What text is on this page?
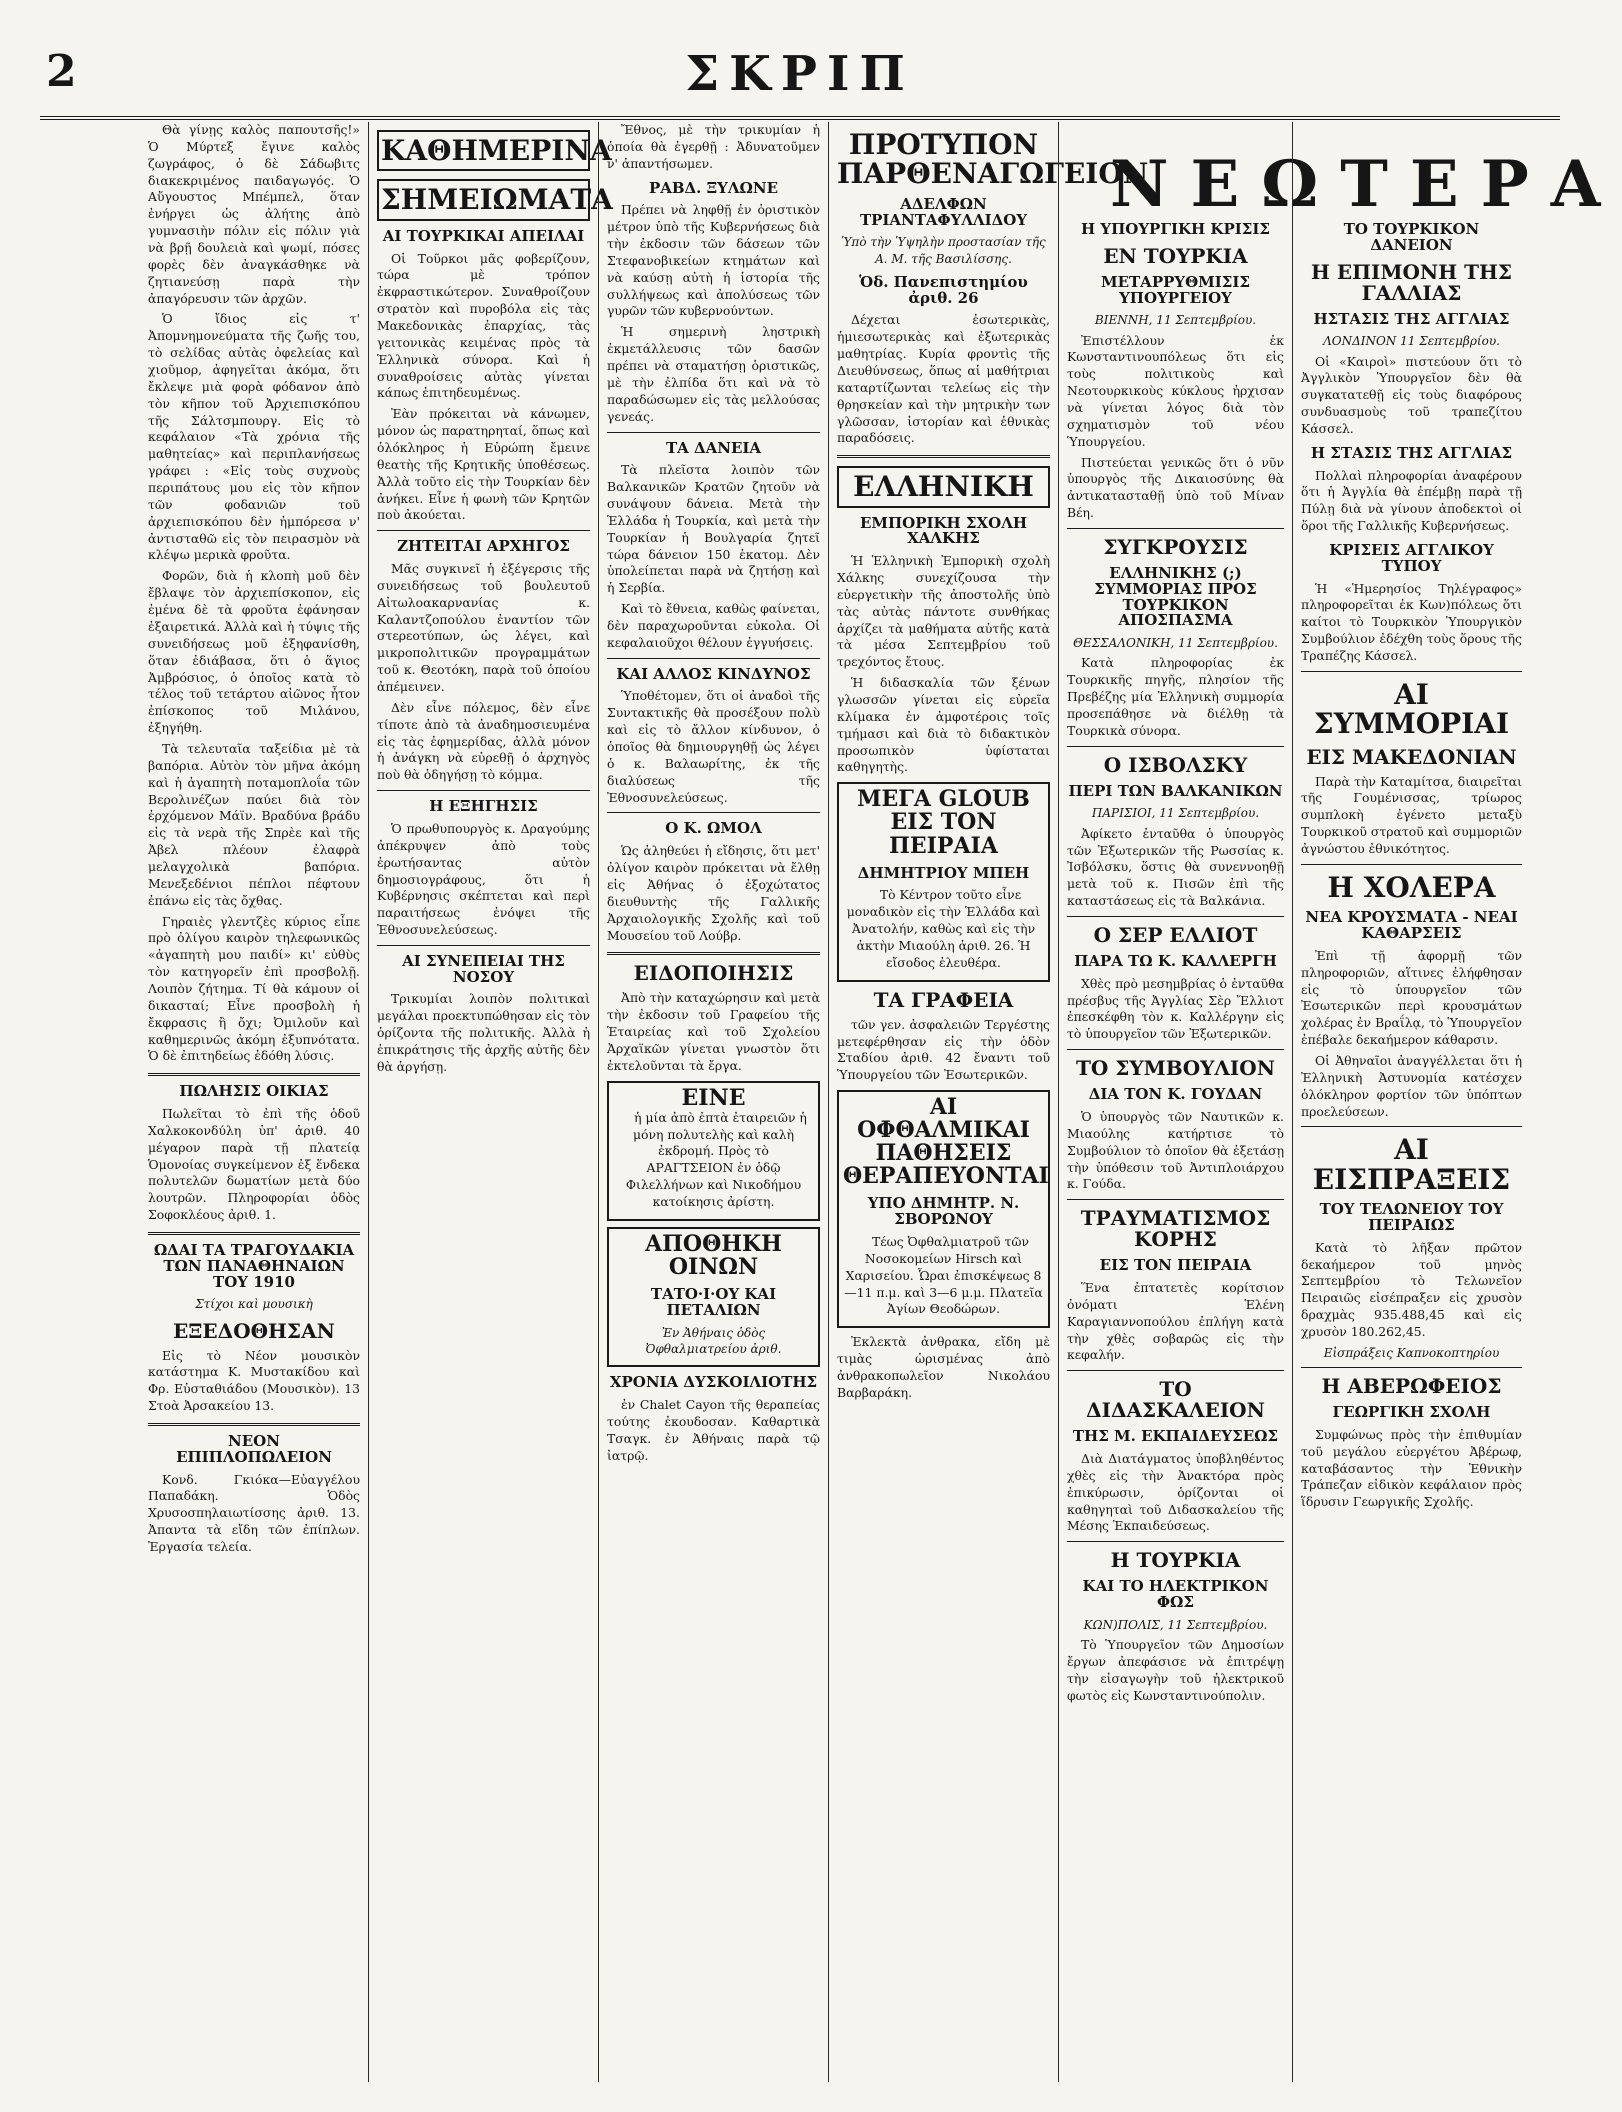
2	ΣΚΡΙΠ
ΝΕΩΤΕΡΑ

Θὰ γίνῃς καλὸς παπουτσῆς!» Ὁ Μύρτεξ ἔγινε καλὸς ζωγράφος, ὁ δὲ Σάδωβιτς διακεκριμένος παιδαγωγός. Ὁ Αὔγουστος Μπέμπελ, ὅταν ἐνήργει ὡς ἀλήτης ἀπὸ γυμνασιὴν πόλιν εἰς πόλιν γιὰ νὰ βρῇ δουλειὰ καὶ ψωμί, πόσες φορὲς δὲν ἀναγκάσθηκε νὰ ζητιανεύσῃ παρὰ τὴν ἀπαγόρευσιν τῶν ἀρχῶν.

Ὁ ἴδιος εἰς τ' Ἀπομνημονεύματα τῆς ζωῆς του, τὸ σελίδας αὐτὰς ὀφελείας καὶ χιοῦμορ, ἀφηγεῖται ἀκόμα, ὅτι ἔκλεψε μιὰ φορὰ φόδανον ἀπὸ τὸν κῆπον τοῦ Ἀρχιεπισκόπου τῆς Σάλτσμπουργ. Εἰς τὸ κεφάλαιον «Τὰ χρόνια τῆς μαθητείας» καὶ περιπλανήσεως γράφει : «Εἰς τοὺς συχνοὺς περιπάτους μου εἰς τὸν κῆπον τῶν φοδανιῶν τοῦ ἀρχιεπισκόπου δὲν ἠμπόρεσα ν' ἀντισταθῶ εἰς τὸν πειρασμὸν νὰ κλέψω μερικὰ φροῦτα.

Φορῶν, διὰ ἡ κλοπὴ μοῦ δὲν ἔβλαψε τὸν ἀρχιεπίσκοπον, εἰς ἐμένα δὲ τὰ φροῦτα ἐφάνησαν ἐξαιρετικά. Ἀλλὰ καὶ ἡ τύψις τῆς συνειδήσεως μοῦ ἐξηφανίσθη, ὅταν ἐδιάβασα, ὅτι ὁ ἅγιος Ἀμβρόσιος, ὁ ὁποῖος κατὰ τὸ τέλος τοῦ τετάρτου αἰῶνος ἦτον ἐπίσκοπος τοῦ Μιλάνου, ἐξηγήθη.

Τὰ τελευταῖα ταξείδια μὲ τὰ βαπόρια. Αὐτὸν τὸν μῆνα ἀκόμη καὶ ἡ ἀγαπητὴ ποταμοπλοΐα τῶν Βερολινέζων παύει διὰ τὸν ἐρχόμενον Μάϊν. Βραδύνα βράδυ εἰς τὰ νερὰ τῆς Σπρὲε καὶ τῆς Ἀβελ πλέουν ἐλαφρὰ μελαγχολικὰ βαπόρια. Μενεξεδένιοι πέπλοι πέφτουν ἐπάνω εἰς τὰς ὄχθας.

Γηραιὲς γλεντζὲς κύριος εἶπε πρὸ ὀλίγου καιρὸν τηλεφωνικῶς «ἀγαπητὴ μου παιδί» κι' εὐθὺς τὸν κατηγορεῖν ἐπὶ προσβολῇ. Λοιπὸν ζήτημα. Τί θὰ κάμουν οἱ δικασταί; Εἶνε προσβολὴ ἡ ἔκφρασις ἢ ὄχι; Ὀμιλοῦν καὶ καθημερινῶς ἀκόμη ἐξυπνότατα. Ὁ δὲ ἐπιτηδείως ἐδόθη λύσις.

ΠΩΛΗΣΙΣ ΟΙΚΙΑΣ

Πωλεῖται τὸ ἐπὶ τῆς ὁδοῦ Χαλκοκονδύλη ὑπ' ἀριθ. 40 μέγαρον παρὰ τῇ πλατείᾳ Ὁμονοίας συγκείμενον ἐξ ἕνδεκα πολυτελῶν δωματίων μετὰ δύο λουτρῶν. Πληροφορίαι ὁδὸς Σοφοκλέους ἀριθ. 1.

ΩΔΑΙ ΤΑ ΤΡΑΓΟΥΔΑΚΙΑ ΤΩΝ ΠΑΝΑΘΗΝΑΙΩΝ ΤΟΥ 1910
Στίχοι καὶ μουσικὴ
ΕΞΕΔΟΘΗΣΑΝ

Εἰς τὸ Νέον μουσικὸν κατάστημα Κ. Μυστακίδου καὶ Φρ. Εὐσταθιάδου (Μουσικὸν). 13 Στοὰ Ἀρσακείου 13.

ΝΕΟΝ ΕΠΙΠΛΟΠΩΛΕΙΟΝ

Κονδ. Γκιόκα—Εὐαγγέλου Παπαδάκη. Ὁδὸς Χρυσοσπηλαιωτίσσης ἀριθ. 13. Ἀπαντα τὰ εἴδη τῶν ἐπίπλων. Ἐργασία τελεία.

ΚΑΘΗΜΕΡΙΝΑ
ΣΗΜΕΙΩΜΑΤΑ
ΑΙ ΤΟΥΡΚΙΚΑΙ ΑΠΕΙΛΑΙ

Οἱ Τοῦρκοι μᾶς φοβερίζουν, τώρα μὲ τρόπον ἐκφραστικώτερον. Συναθροίζουν στρατὸν καὶ πυροβόλα εἰς τὰς Μακεδονικὰς ἐπαρχίας, τὰς γειτονικὰς κειμένας πρὸς τὰ Ἑλληνικὰ σύνορα. Καὶ ἡ συναθροίσεις αὐτὰς γίνεται κάπως ἐπιτηδευμένως.

Ἐὰν πρόκειται νὰ κάνωμεν, μόνον ὡς παρατηρηταί, ὅπως καὶ ὁλόκληρος ἡ Εὐρώπη ἔμεινε θεατὴς τῆς Κρητικῆς ὑποθέσεως. Ἀλλὰ τοῦτο εἰς τὴν Τουρκίαν δὲν ἀνήκει. Εἶνε ἡ φωνὴ τῶν Κρητῶν ποὺ ἀκούεται.

ΖΗΤΕΙΤΑΙ ΑΡΧΗΓΟΣ

Μᾶς συγκινεῖ ἡ ἐξέγερσις τῆς συνειδήσεως τοῦ βουλευτοῦ Αἰτωλοακαρνανίας κ. Καλαντζοπούλου ἐναντίον τῶν στερεοτύπων, ὡς λέγει, καὶ μικροπολιτικῶν προγραμμάτων τοῦ κ. Θεοτόκη, παρὰ τοῦ ὁποίου ἀπέμεινεν.

Δὲν εἶνε πόλεμος, δὲν εἶνε τίποτε ἀπὸ τὰ ἀναδημοσιευμένα εἰς τὰς ἐφημερίδας, ἀλλὰ μόνον ἡ ἀνάγκη νὰ εὑρεθῇ ὁ ἀρχηγὸς ποὺ θὰ ὁδηγήσῃ τὸ κόμμα.

Η ΕΞΗΓΗΣΙΣ

Ὁ πρωθυπουργὸς κ. Δραγούμης ἀπέκρυψεν ἀπὸ τοὺς ἐρωτήσαντας αὐτὸν δημοσιογράφους, ὅτι ἡ Κυβέρνησις σκέπτεται καὶ περὶ παραιτήσεως ἐνόψει τῆς Ἐθνοσυνελεύσεως.

ΑΙ ΣΥΝΕΠΕΙΑΙ ΤΗΣ ΝΟΣΟΥ

Τρικυμίαι λοιπὸν πολιτικαὶ μεγάλαι προεκτυπώθησαν εἰς τὸν ὁρίζοντα τῆς πολιτικῆς. Ἀλλὰ ἡ ἐπικράτησις τῆς ἀρχῆς αὐτῆς δὲν θὰ ἀργήσῃ.

Ἔθνος, μὲ τὴν τρικυμίαν ἡ ὁποία θὰ ἐγερθῇ : Ἀδυνατοῦμεν ν' ἀπαντήσωμεν.

ΡΑΒΔ. ΞΥΛΩΝΕ

Πρέπει νὰ ληφθῇ ἐν ὁριστικὸν μέτρον ὑπὸ τῆς Κυβερνήσεως διὰ τὴν ἐκδοσιν τῶν δάσεων τῶν Στεφανοβικείων κτημάτων καὶ νὰ καύσῃ αὐτὴ ἡ ἱστορία τῆς συλλήψεως καὶ ἀπολύσεως τῶν γυρῶν τῶν κυβερνούντων.

Ἡ σημερινὴ ληστρικὴ ἐκμετάλλευσις τῶν δασῶν πρέπει νὰ σταματήσῃ ὁριστικῶς, μὲ τὴν ἐλπίδα ὅτι καὶ νὰ τὸ παραδώσωμεν εἰς τὰς μελλούσας γενεάς.

ΤΑ ΔΑΝΕΙΑ

Τὰ πλεῖστα λοιπὸν τῶν Βαλκανικῶν Κρατῶν ζητοῦν νὰ συνάψουν δάνεια. Μετὰ τὴν Ἑλλάδα ἡ Τουρκία, καὶ μετὰ τὴν Τουρκίαν ἡ Βουλγαρία ζητεῖ τώρα δάνειον 150 ἑκατομ. Δὲν ὑπολείπεται παρὰ νὰ ζητήσῃ καὶ ἡ Σερβία.

Καὶ τὸ ἔθνεια, καθὼς φαίνεται, δὲν παραχωροῦνται εὐκολα. Οἱ κεφαλαιοῦχοι θέλουν ἐγγυήσεις.

ΚΑΙ ΑΛΛΟΣ ΚΙΝΔΥΝΟΣ

Ὑποθέτομεν, ὅτι οἱ ἀναδοὶ τῆς Συντακτικῆς θὰ προσέξουν πολὺ καὶ εἰς τὸ ἄλλον κίνδυνον, ὁ ὁποῖος θὰ δημιουργηθῇ ὡς λέγει ὁ κ. Βαλαωρίτης, ἐκ τῆς διαλύσεως τῆς Ἐθνοσυνελεύσεως.

Ο Κ. ΩΜΟΛ

Ὡς ἀληθεύει ἡ εἴδησις, ὅτι μετ' ὀλίγον καιρὸν πρόκειται νὰ ἔλθῃ εἰς Ἀθήνας ὁ ἐξοχώτατος διευθυντὴς τῆς Γαλλικῆς Ἀρχαιολογικῆς Σχολῆς καὶ τοῦ Μουσείου τοῦ Λούβρ.

ΕΙΔΟΠΟΙΗΣΙΣ

Ἀπὸ τὴν καταχώρησιν καὶ μετὰ τὴν ἐκδοσιν τοῦ Γραφείου τῆς Ἑταιρείας καὶ τοῦ Σχολείου Ἀρχαϊκῶν γίνεται γνωστὸν ὅτι ἐκτελοῦνται τὰ ἔργα.

ΕΙΝΕ

ἡ μία ἀπὸ ἐπτὰ ἐταιρειῶν ἡ μόνη πολυτελὴς καὶ καλὴ ἐκδρομή. Πρὸς τὸ ΑΡΑΓΤΣΕΙΟΝ ἐν ὁδῷ Φιλελλήνων καὶ Νικοδήμου κατοίκησις ἀρίστη.

ΑΠΟΘΗΚΗ ΟΙΝΩΝ
ΤΑΤΟ·Ι·ΟΥ ΚΑΙ ΠΕΤΑΛΙΩΝ
Ἐν Ἀθήναις ὁδὸς Ὀφθαλμιατρείου ἀριθ.
ΧΡΟΝΙΑ ΔΥΣΚΟΙΛΙΟΤΗΣ

ἐν Chalet Cayon τῆς θεραπείας τούτης ἐκουδοσαν. Καθαρτικὰ Τσαγκ. ἐν Ἀθήναις παρὰ τῷ ἰατρῷ.

ΠΡΟΤΥΠΟΝ ΠΑΡΘΕΝΑΓΩΓΕΙΟΝ
ΑΔΕΛΦΩΝ ΤΡΙΑΝΤΑΦΥΛΛΙΔΟΥ
Ὑπὸ τὴν Ὑψηλὴν προστασίαν τῆς Α. Μ. τῆς Βασιλίσσης.
Ὁδ. Πανεπιστημίου ἀριθ. 26

Δέχεται ἐσωτερικὰς, ἡμιεσωτερικὰς καὶ ἐξωτερικὰς μαθητρίας. Κυρία φροντὶς τῆς Διευθύνσεως, ὅπως αἱ μαθήτριαι καταρτίζωνται τελείως εἰς τὴν θρησκείαν καὶ τὴν μητρικὴν των γλῶσσαν, ἱστορίαν καὶ ἐθνικὰς παραδόσεις.

ΕΛΛΗΝΙΚΗ
ΕΜΠΟΡΙΚΗ ΣΧΟΛΗ ΧΑΛΚΗΣ

Ἡ Ἑλληνικὴ Ἐμπορικὴ σχολὴ Χάλκης συνεχίζουσα τὴν εὐεργετικὴν τῆς ἀποστολῆς ὑπὸ τὰς αὐτὰς πάντοτε συνθήκας ἀρχίζει τὰ μαθήματα αὐτῆς κατὰ τὰ μέσα Σεπτεμβρίου τοῦ τρεχόντος ἔτους.

Ἡ διδασκαλία τῶν ξένων γλωσσῶν γίνεται εἰς εὐρεῖα κλίμακα ἐν ἀμφοτέροις τοῖς τμήμασι καὶ διὰ τὸ διδακτικὸν προσωπικὸν ὑφίσταται καθηγητὴς.

ΜΕΓΑ GLOUB ΕΙΣ ΤΟΝ ΠΕΙΡΑΙΑ
ΔΗΜΗΤΡΙΟΥ ΜΠΕΗ

Τὸ Κέντρον τοῦτο εἶνε μοναδικὸν εἰς τὴν Ἑλλάδα καὶ Ἀνατολήν, καθὼς καὶ εἰς τὴν ἀκτὴν Μιαούλη ἀριθ. 26. Ἡ εἴσοδος ἐλευθέρα.

ΤΑ ΓΡΑΦΕΙΑ

τῶν γεν. ἀσφαλειῶν Τεργέστης μετεφέρθησαν εἰς τὴν ὁδὸν Σταδίου ἀριθ. 42 ἔναντι τοῦ Ὑπουργείου τῶν Ἐσωτερικῶν.

ΑΙ ΟΦΘΑΛΜΙΚΑΙ ΠΑΘΗΣΕΙΣ ΘΕΡΑΠΕΥΟΝΤΑΙ
ΥΠΟ ΔΗΜΗΤΡ. Ν. ΣΒΟΡΩΝΟΥ

Τέως Ὀφθαλμιατροῦ τῶν Νοσοκομείων Hirsch καὶ Χαρισείου. Ὧραι ἐπισκέψεως 8—11 π.μ. καὶ 3—6 μ.μ. Πλατεῖα Ἀγίων Θεοδώρων.

Ἐκλεκτὰ ἀνθρακα, εἴδη μὲ τιμὰς ὡρισμένας ἀπὸ ἀνθρακοπωλεῖον Νικολάου Βαρβαράκη.

Η ΥΠΟΥΡΓΙΚΗ ΚΡΙΣΙΣ
ΕΝ ΤΟΥΡΚΙΑ
ΜΕΤΑΡΡΥΘΜΙΣΙΣ ΥΠΟΥΡΓΕΙΟΥ
ΒΙΕΝΝΗ, 11 Σεπτεμβρίου.

Ἐπιστέλλουν ἐκ Κωνσταντινουπόλεως ὅτι εἰς τοὺς πολιτικοὺς καὶ Νεοτουρκικοὺς κύκλους ἠρχισαν νὰ γίνεται λόγος διὰ τὸν σχηματισμὸν τοῦ νέου Ὑπουργείου.

Πιστεύεται γενικῶς ὅτι ὁ νῦν ὑπουργὸς τῆς Δικαιοσύνης θὰ ἀντικατασταθῇ ὑπὸ τοῦ Μίναν Βέη.

ΣΥΓΚΡΟΥΣΙΣ
ΕΛΛΗΝΙΚΗΣ (;) ΣΥΜΜΟΡΙΑΣ ΠΡΟΣ ΤΟΥΡΚΙΚΟΝ ΑΠΟΣΠΑΣΜΑ
ΘΕΣΣΑΛΟΝΙΚΗ, 11 Σεπτεμβρίου.

Κατὰ πληροφορίας ἐκ Τουρκικῆς πηγῆς, πλησίον τῆς Πρεβέζης μία Ἑλληνικὴ συμμορία προσεπάθησε νὰ διέλθῃ τὰ Τουρκικὰ σύνορα.

Ο ΙΣΒΟΛΣΚΥ
ΠΕΡΙ ΤΩΝ ΒΑΛΚΑΝΙΚΩΝ
ΠΑΡΙΣΙΟΙ, 11 Σεπτεμβρίου.

Ἀφίκετο ἐνταῦθα ὁ ὑπουργὸς τῶν Ἐξωτερικῶν τῆς Ρωσσίας κ. Ἰσβόλσκυ, ὅστις θὰ συνεννοηθῇ μετὰ τοῦ κ. Πισῶν ἐπὶ τῆς καταστάσεως εἰς τὰ Βαλκάνια.

Ο ΣΕΡ ΕΛΛΙΟΤ
ΠΑΡΑ ΤΩ Κ. ΚΑΛΛΕΡΓΗ

Χθὲς πρὸ μεσημβρίας ὁ ἐνταῦθα πρέσβυς τῆς Ἀγγλίας Σὲρ Ἔλλιοτ ἐπεσκέφθη τὸν κ. Καλλέργην εἰς τὸ ὑπουργεῖον τῶν Ἐξωτερικῶν.

ΤΟ ΣΥΜΒΟΥΛΙΟΝ
ΔΙΑ ΤΟΝ Κ. ΓΟΥΔΑΝ

Ὁ ὑπουργὸς τῶν Ναυτικῶν κ. Μιαούλης κατήρτισε τὸ Συμβούλιον τὸ ὁποῖον θὰ ἐξετάσῃ τὴν ὑπόθεσιν τοῦ Ἀντιπλοιάρχου κ. Γούδα.

ΤΡΑΥΜΑΤΙΣΜΟΣ ΚΟΡΗΣ
ΕΙΣ ΤΟΝ ΠΕΙΡΑΙΑ

Ἕνα ἐπτατετὲς κορίτσιον ὀνόματι Ἑλένη Καραγιαννοπούλου ἐπλήγη κατὰ τὴν χθὲς σοβαρῶς εἰς τὴν κεφαλήν.

ΤΟ ΔΙΔΑΣΚΑΛΕΙΟΝ
ΤΗΣ Μ. ΕΚΠΑΙΔΕΥΣΕΩΣ

Διὰ Διατάγματος ὑποβληθέντος χθὲς εἰς τὴν Ἀνακτόρα πρὸς ἐπικύρωσιν, ὁρίζονται οἱ καθηγηταὶ τοῦ Διδασκαλείου τῆς Μέσης Ἐκπαιδεύσεως.

Η ΤΟΥΡΚΙΑ
ΚΑΙ ΤΟ ΗΛΕΚΤΡΙΚΟΝ ΦΩΣ
ΚΩΝ)ΠΟΛΙΣ, 11 Σεπτεμβρίου.

Τὸ Ὑπουργεῖον τῶν Δημοσίων ἔργων ἀπεφάσισε νὰ ἐπιτρέψῃ τὴν εἰσαγωγὴν τοῦ ἠλεκτρικοῦ φωτὸς εἰς Κωνσταντινούπολιν.

ΤΟ ΤΟΥΡΚΙΚΟΝ ΔΑΝΕΙΟΝ
Η ΕΠΙΜΟΝΗ ΤΗΣ ΓΑΛΛΙΑΣ
ΗΣΤΑΣΙΣ ΤΗΣ ΑΓΓΛΙΑΣ
ΛΟΝΔΙΝΟΝ 11 Σεπτεμβρίου.

Οἱ «Καιροὶ» πιστεύουν ὅτι τὸ Ἀγγλικὸν Ὑπουργεῖον δὲν θὰ συγκατατεθῇ εἰς τοὺς διαφόρους συνδυασμοὺς τοῦ τραπεζίτου Κάσσελ.

Η ΣΤΑΣΙΣ ΤΗΣ ΑΓΓΛΙΑΣ

Πολλαὶ πληροφορίαι ἀναφέρουν ὅτι ἡ Ἀγγλία θὰ ἐπέμβῃ παρὰ τῇ Πύλῃ διὰ νὰ γίνουν ἀποδεκτοὶ οἱ ὅροι τῆς Γαλλικῆς Κυβερνήσεως.

ΚΡΙΣΕΙΣ ΑΓΓΛΙΚΟΥ ΤΥΠΟΥ

Ἡ «Ἡμερησίος Τηλέγραφος» πληροφορεῖται ἐκ Κων)πόλεως ὅτι καίτοι τὸ Τουρκικὸν Ὑπουργικὸν Συμβούλιον ἐδέχθη τοὺς ὅρους τῆς Τραπέζης Κάσσελ.

ΑΙ ΣΥΜΜΟΡΙΑΙ
ΕΙΣ ΜΑΚΕΔΟΝΙΑΝ

Παρὰ τὴν Καταμίτσα, διαιρεῖται τῆς Γουμένισσας, τρίωρος συμπλοκὴ ἐγένετο μεταξὺ Τουρκικοῦ στρατοῦ καὶ συμμοριῶν ἀγνώστου ἐθνικότητος.

Η ΧΟΛΕΡΑ
ΝΕΑ ΚΡΟΥΣΜΑΤΑ - ΝΕΑΙ ΚΑΘΑΡΣΕΙΣ

Ἐπὶ τῇ ἀφορμῇ τῶν πληροφοριῶν, αἵτινες ἐλήφθησαν εἰς τὸ ὑπουργεῖον τῶν Ἐσωτερικῶν περὶ κρουσμάτων χολέρας ἐν Βραΐλᾳ, τὸ Ὑπουργεῖον ἐπέβαλε δεκαήμερον κάθαρσιν.

Οἱ Ἀθηναῖοι ἀναγγέλλεται ὅτι ἡ Ἐλληνικὴ Ἀστυνομία κατέσχεν ὁλόκληρον φορτίον τῶν ὑπόπτων προελεύσεων.

ΑΙ ΕΙΣΠΡΑΞΕΙΣ
ΤΟΥ ΤΕΛΩΝΕΙΟΥ ΤΟΥ ΠΕΙΡΑΙΩΣ

Κατὰ τὸ λῆξαν πρῶτον δεκαήμερον τοῦ μηνὸς Σεπτεμβρίου τὸ Τελωνεῖον Πειραιῶς εἰσέπραξεν εἰς χρυσὸν δραχμὰς 935.488,45 καὶ εἰς χρυσὸν 180.262,45.

Εἰσπράξεις Καπνοκοπτηρίου
Η ΑΒΕΡΩΦΕΙΟΣ
ΓΕΩΡΓΙΚΗ ΣΧΟΛΗ

Συμφώνως πρὸς τὴν ἐπιθυμίαν τοῦ μεγάλου εὐεργέτου Ἀβέρωφ, καταβάσαντος τὴν Ἐθνικὴν Τράπεζαν εἰδικὸν κεφάλαιον πρὸς ἵδρυσιν Γεωργικῆς Σχολῆς.
